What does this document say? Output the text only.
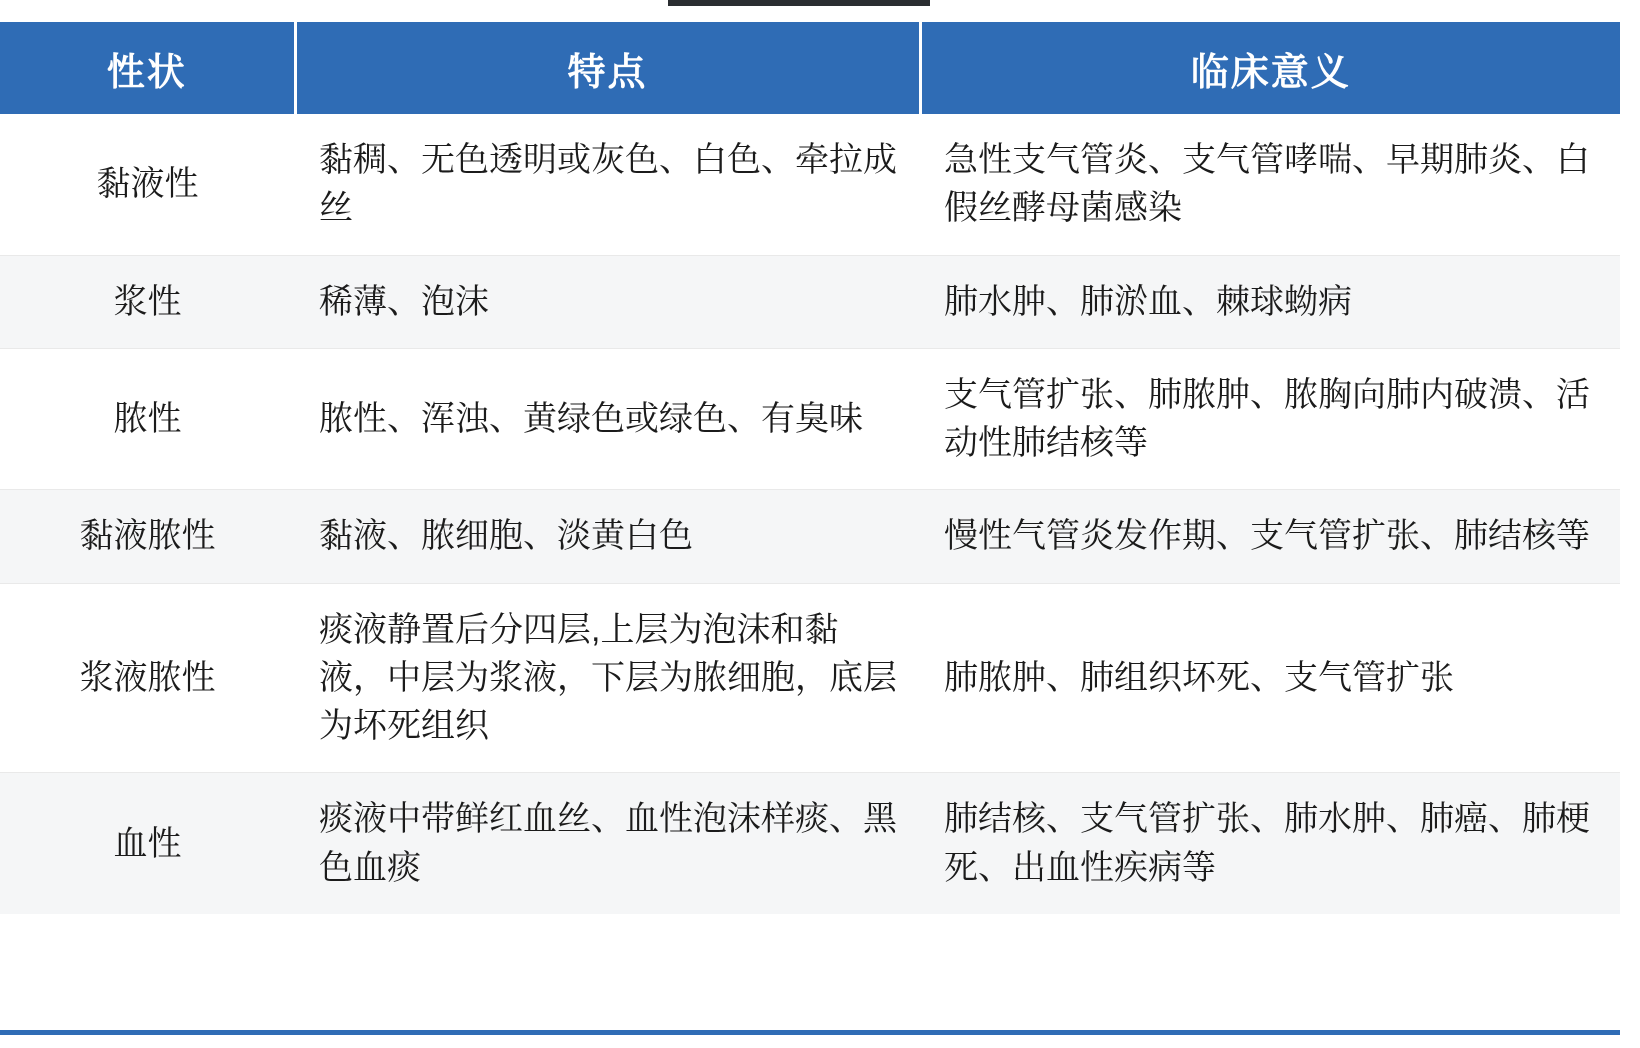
性状	特点	临床意义
黏液性	黏稠、无色透明或灰色、白色、牵拉成丝	急性支气管炎、支气管哮喘、早期肺炎、白假丝酵母菌感染
浆性	稀薄、泡沫	肺水肿、肺淤血、棘球蚴病
脓性	脓性、浑浊、黄绿色或绿色、有臭味	支气管扩张、肺脓肿、脓胸向肺内破溃、活动性肺结核等
黏液脓性	黏液、脓细胞、淡黄白色	慢性气管炎发作期、支气管扩张、肺结核等
浆液脓性	痰液静置后分四层,上层为泡沫和黏液，中层为浆液，下层为脓细胞，底层为坏死组织	肺脓肿、肺组织坏死、支气管扩张
血性	痰液中带鲜红血丝、血性泡沫样痰、黑色血痰	肺结核、支气管扩张、肺水肿、肺癌、肺梗死、出血性疾病等
